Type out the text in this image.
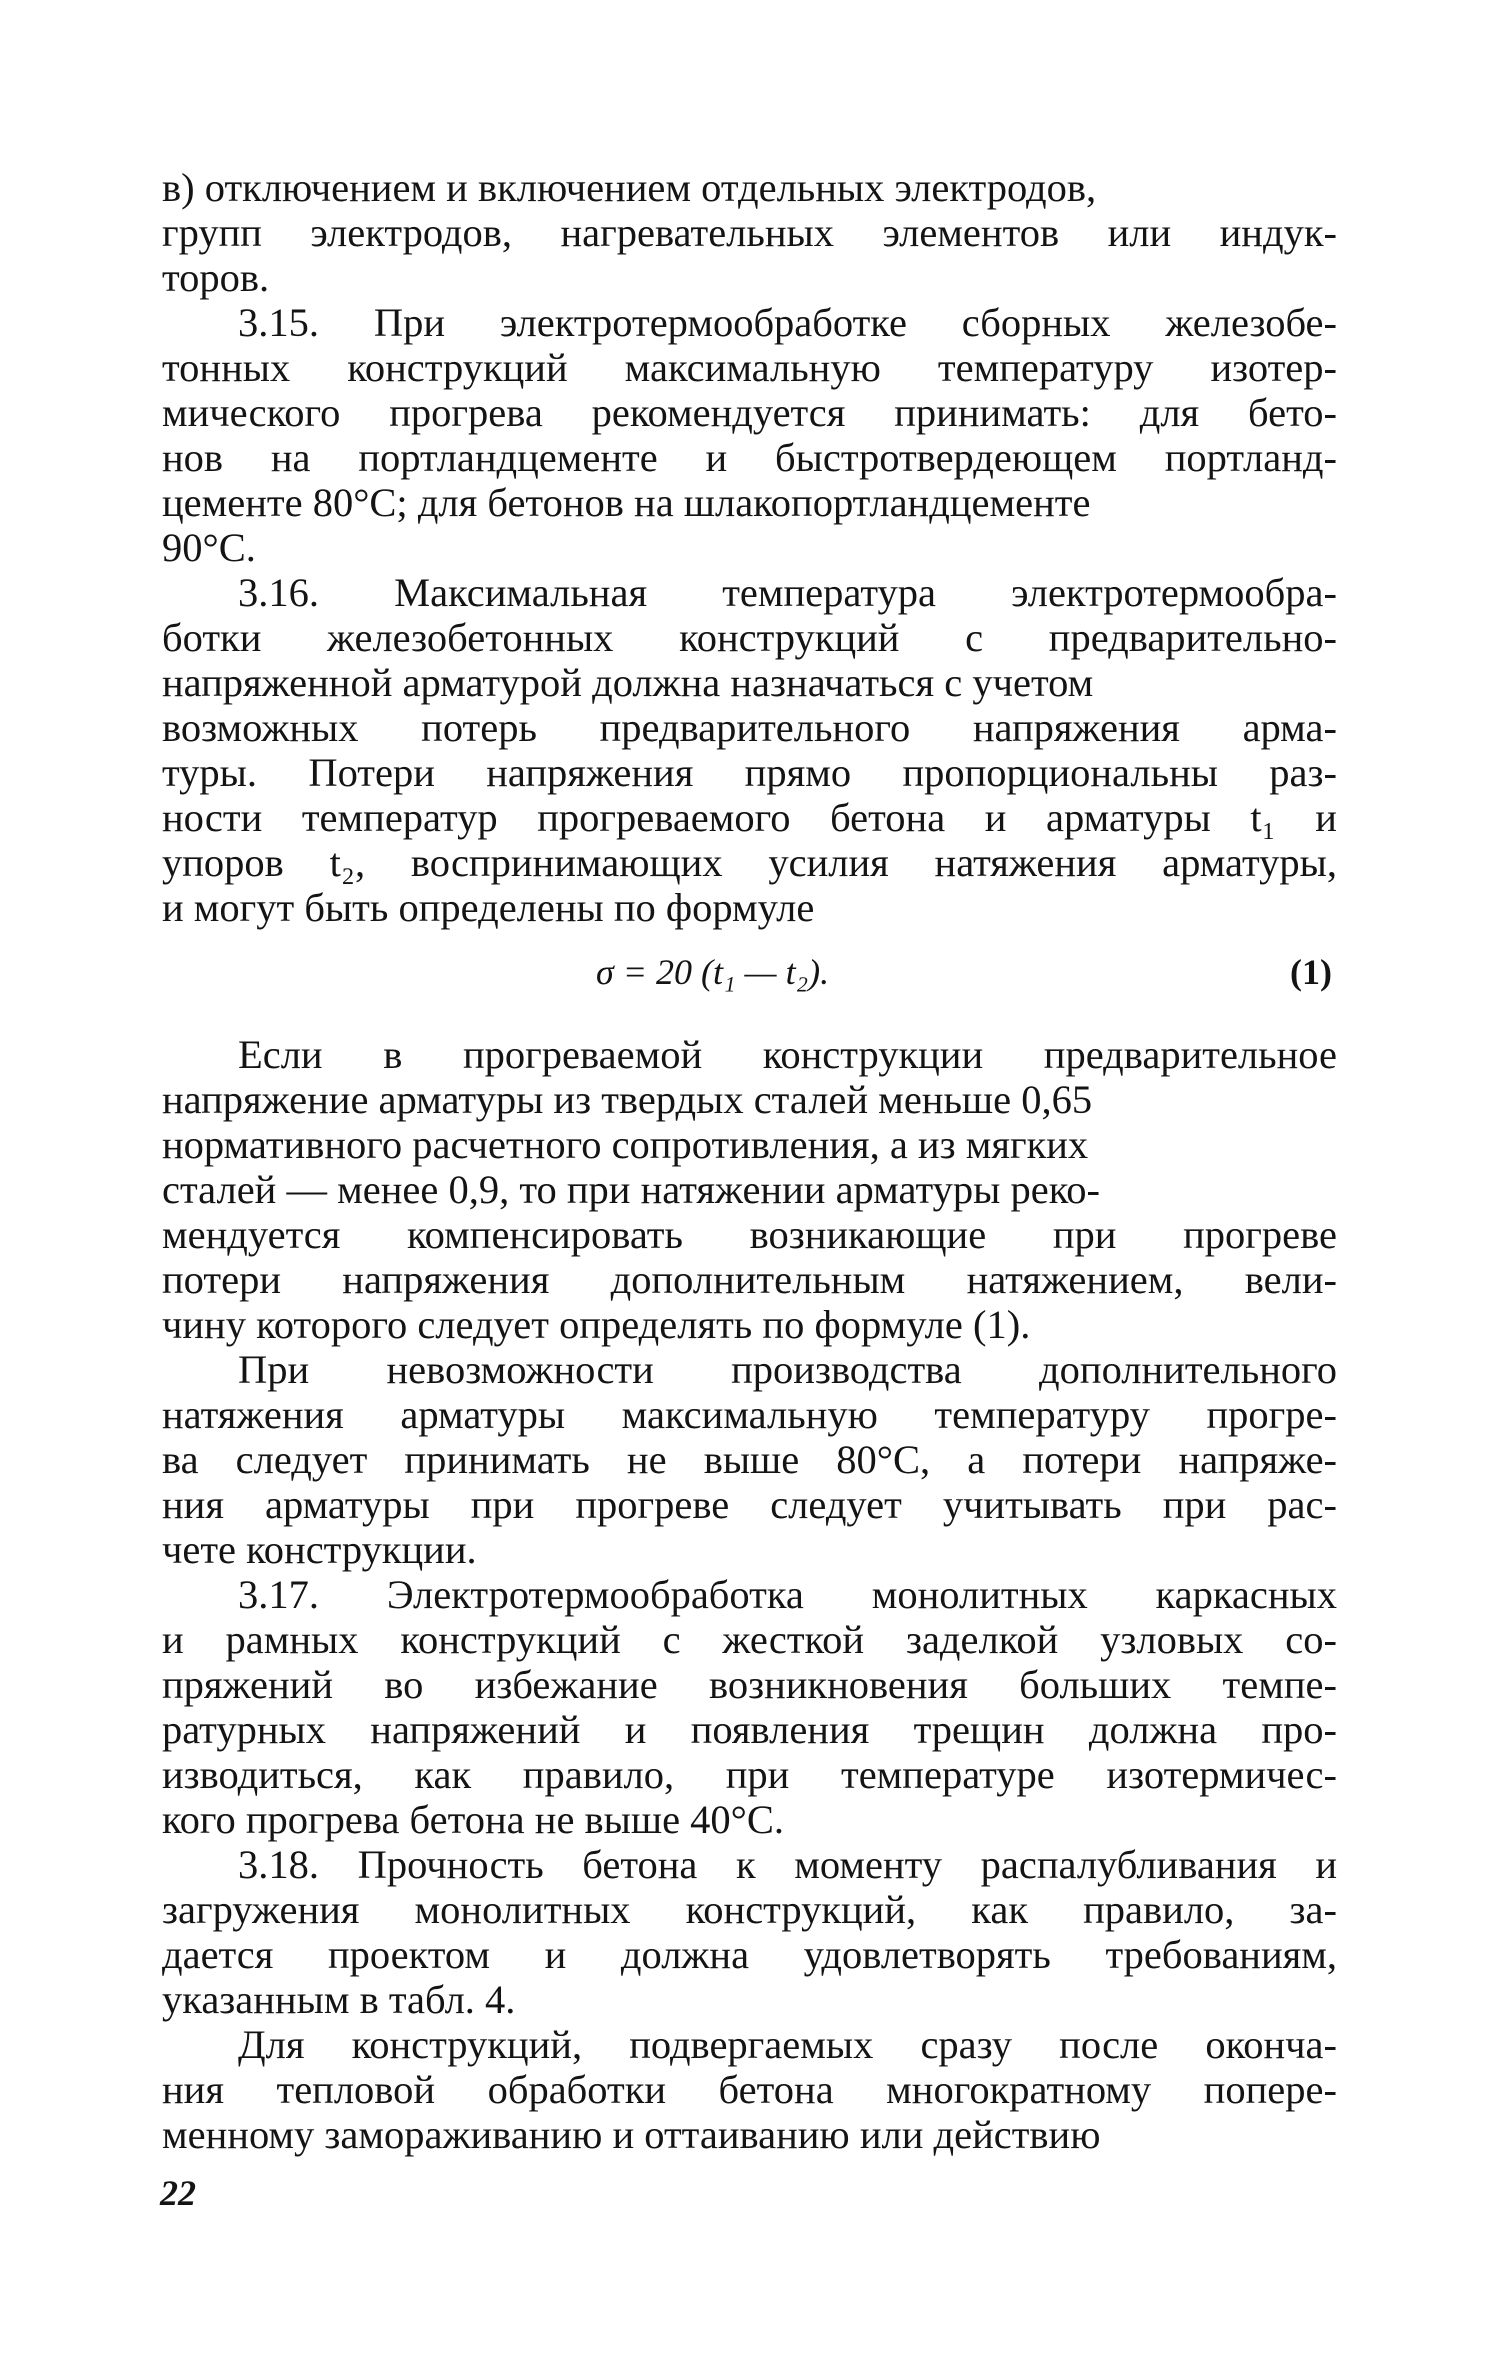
в) отключением и включением отдельных электродов,
групп электродов, нагревательных элементов или индук-
торов.
3.15. При электротермообработке сборных железобе-
тонных конструкций максимальную температуру изотер-
мического прогрева рекомендуется принимать: для бето-
нов на портландцементе и быстротвердеющем портланд-
цементе 80°С; для бетонов на шлакопортландцементе
90°С.
3.16. Максимальная температура электротермообра-
ботки железобетонных конструкций с предварительно-
напряженной арматурой должна назначаться с учетом
возможных потерь предварительного напряжения арма-
туры. Потери напряжения прямо пропорциональны раз-
ности температур прогреваемого бетона и арматуры t₁ и
упоров t₂, воспринимающих усилия натяжения арматуры,
и могут быть определены по формуле
σ = 20 (t₁ — t₂).	(1)
Если в прогреваемой конструкции предварительное
напряжение арматуры из твердых сталей меньше 0,65
нормативного расчетного сопротивления, а из мягких
сталей — менее 0,9, то при натяжении арматуры реко-
мендуется компенсировать возникающие при прогреве
потери напряжения дополнительным натяжением, вели-
чину которого следует определять по формуле (1).
При невозможности производства дополнительного
натяжения арматуры максимальную температуру прогре-
ва следует принимать не выше 80°С, а потери напряже-
ния арматуры при прогреве следует учитывать при рас-
чете конструкции.
3.17. Электротермообработка монолитных каркасных
и рамных конструкций с жесткой заделкой узловых со-
пряжений во избежание возникновения больших темпе-
ратурных напряжений и появления трещин должна про-
изводиться, как правило, при температуре изотермичес-
кого прогрева бетона не выше 40°С.
3.18. Прочность бетона к моменту распалубливания и
загружения монолитных конструкций, как правило, за-
дается проектом и должна удовлетворять требованиям,
указанным в табл. 4.
Для конструкций, подвергаемых сразу после оконча-
ния тепловой обработки бетона многократному попере-
менному замораживанию и оттаиванию или действию
22
